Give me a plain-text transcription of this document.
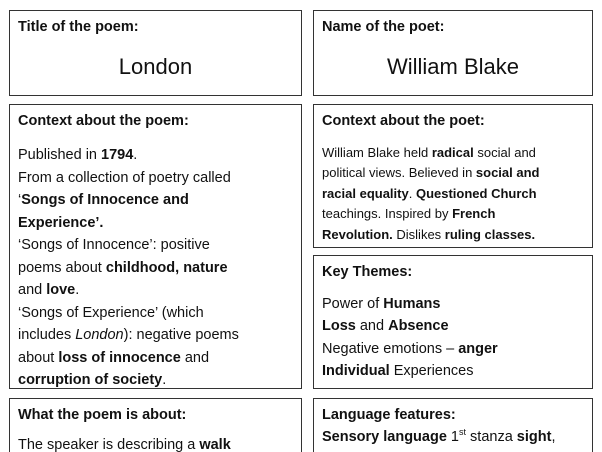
Title of the poem:
London
Name of the poet:
William Blake
Context about the poem:
Published in 1794.
From a collection of poetry called
‘Songs of Innocence and
Experience’.
‘Songs of Innocence’: positive
poems about childhood, nature
and love.
‘Songs of Experience’ (which
includes London): negative poems
about loss of innocence and
corruption of society.
Context about the poet:
William Blake held radical social and
political views. Believed in social and
racial equality. Questioned Church
teachings. Inspired by French
Revolution. Dislikes ruling classes.
Key Themes:
Power of Humans
Loss and Absence
Negative emotions – anger
Individual Experiences
What the poem is about:
The speaker is describing a walk
Language features:
Sensory language 1st stanza sight,
